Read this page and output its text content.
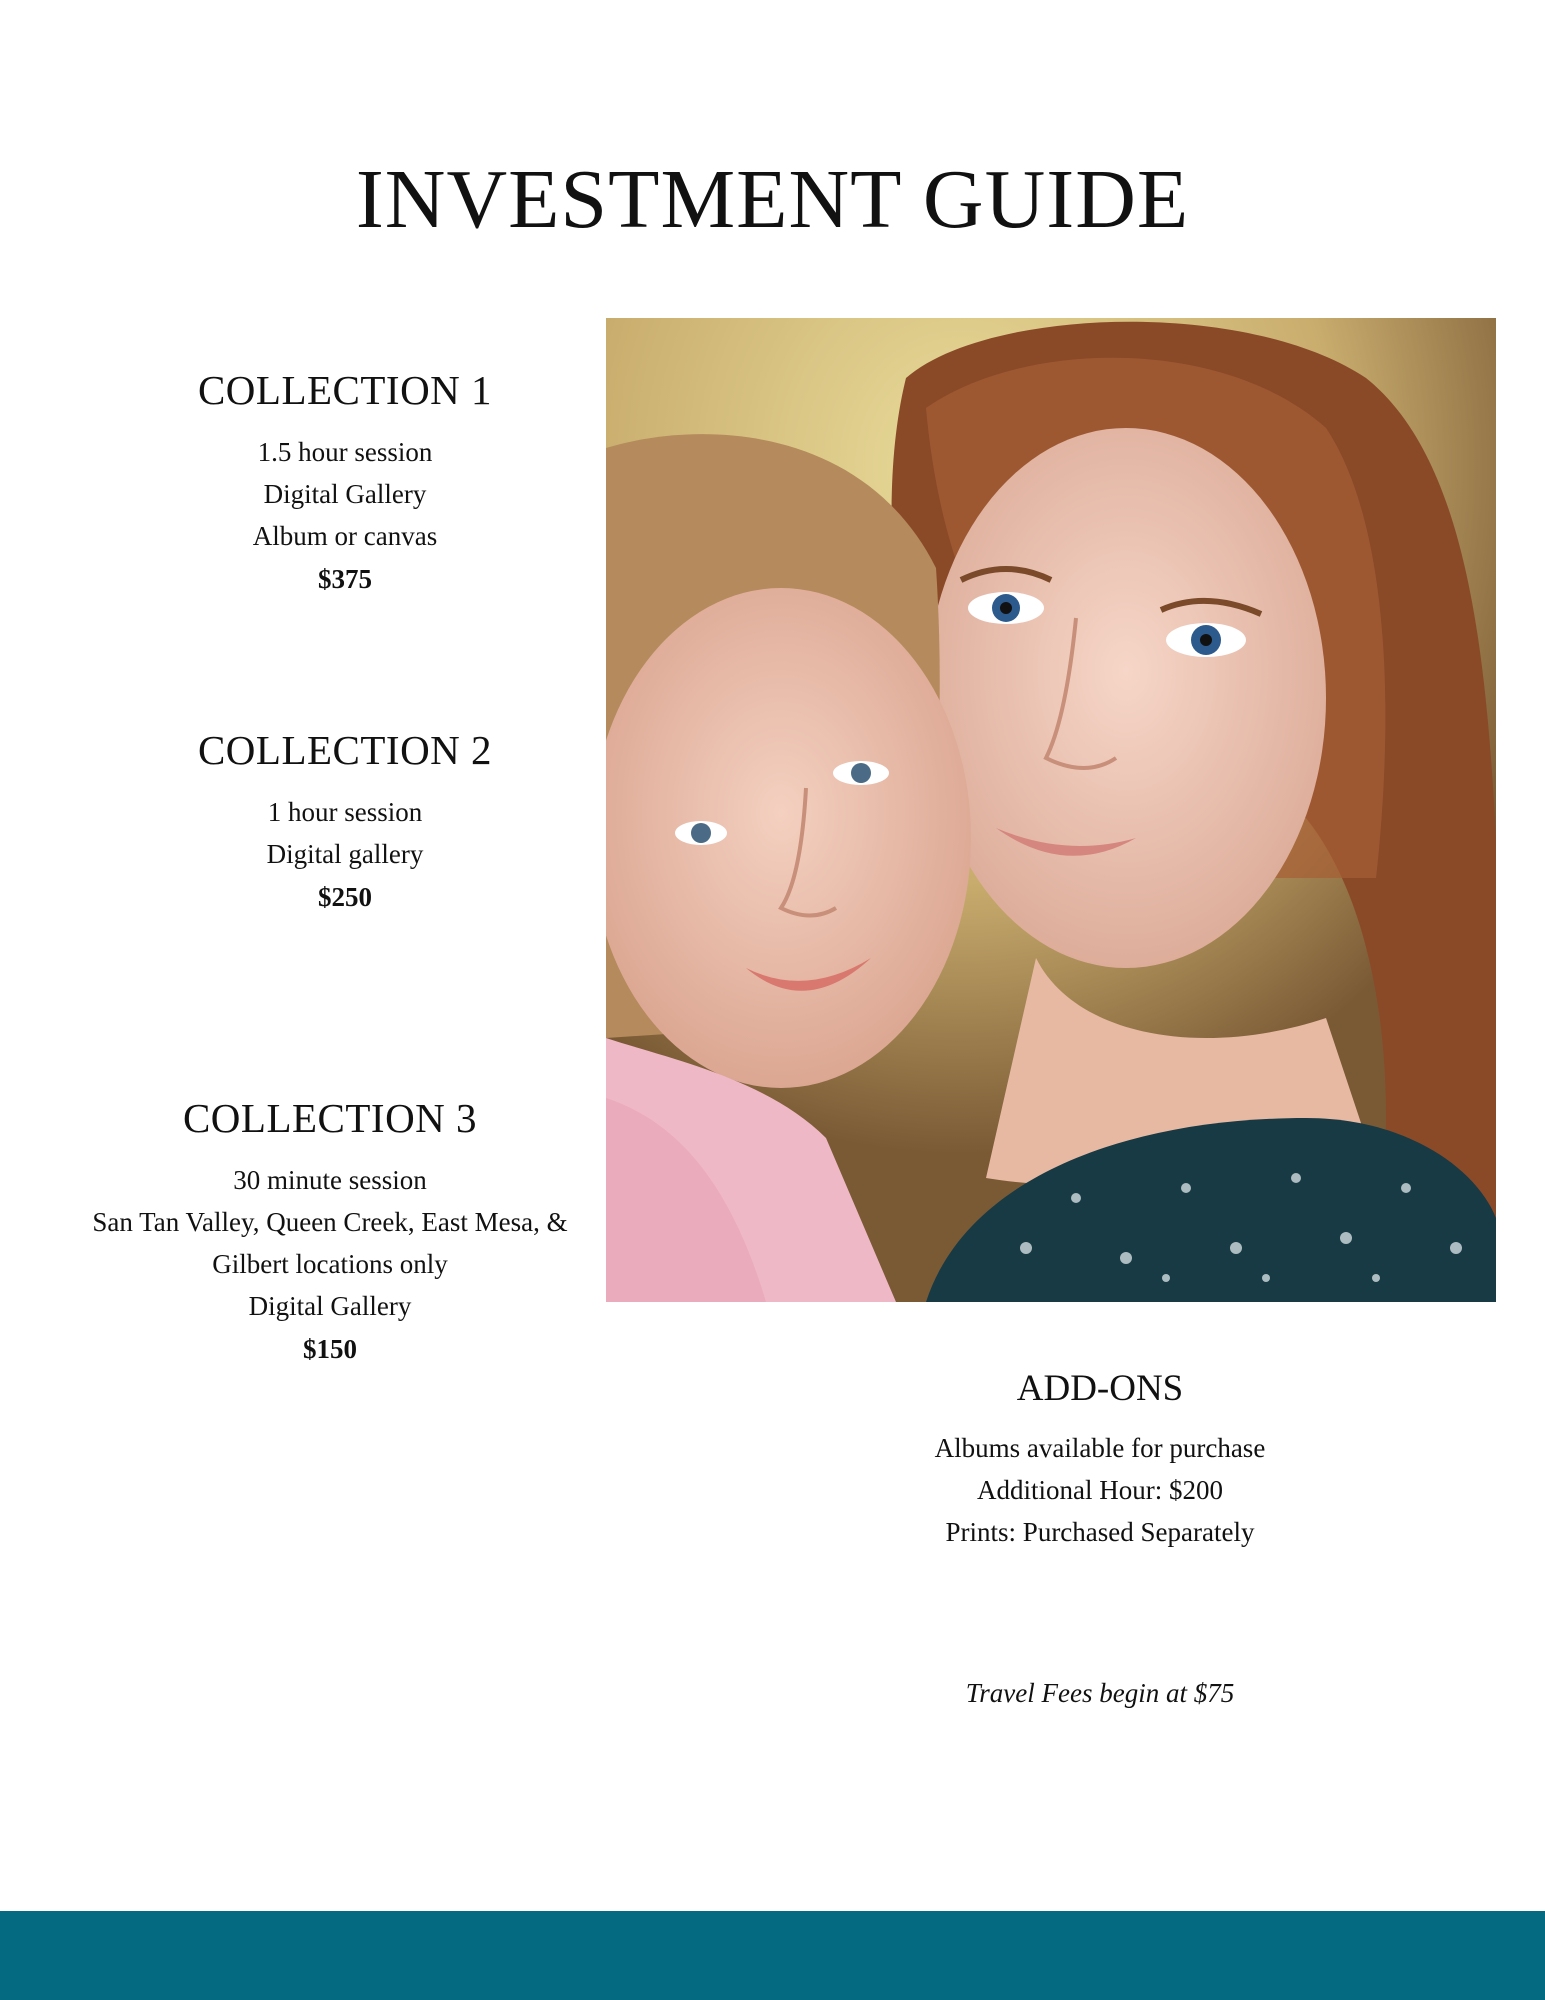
INVESTMENT GUIDE
COLLECTION 1
1.5 hour session
Digital Gallery
Album or canvas
$375
COLLECTION 2
1 hour session
Digital gallery
$250
COLLECTION 3
30 minute session
San Tan Valley, Queen Creek, East Mesa, &
Gilbert locations only
Digital Gallery
$150
ADD-ONS
Albums available for purchase
Additional Hour: $200
Prints: Purchased Separately
Travel Fees begin at $75
